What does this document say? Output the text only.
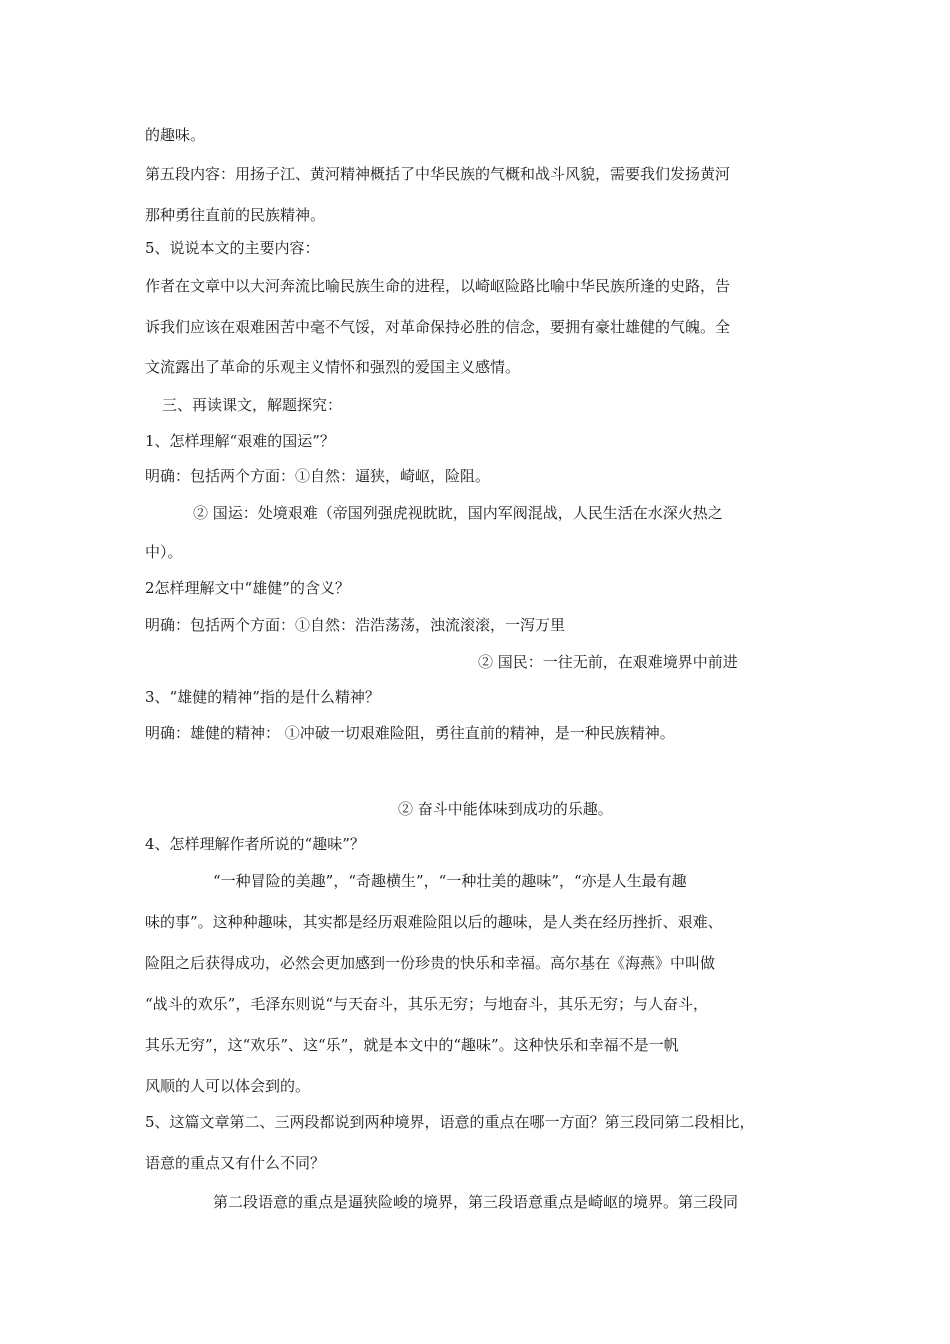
的趣味。

第五段内容：用扬子江、黄河精神概括了中华民族的气概和战斗风貌，需要我们发扬黄河

那种勇往直前的民族精神。

5、说说本文的主要内容：

作者在文章中以大河奔流比喻民族生命的进程，以崎岖险路比喻中华民族所逢的史路，告

诉我们应该在艰难困苦中毫不气馁，对革命保持必胜的信念，要拥有豪壮雄健的气魄。全

文流露出了革命的乐观主义情怀和强烈的爱国主义感情。

三、再读课文，解题探究：

1、怎样理解“艰难的国运”？

明确：包括两个方面：①自然：逼狭，崎岖，险阻。

② 国运：处境艰难（帝国列强虎视眈眈，国内军阀混战，人民生活在水深火热之

中）。

2怎样理解文中“雄健”的含义？

明确：包括两个方面：①自然：浩浩荡荡，浊流滚滚，一泻万里

② 国民：一往无前，在艰难境界中前进

3、“雄健的精神”指的是什么精神？

明确：雄健的精神： ①冲破一切艰难险阻，勇往直前的精神，是一种民族精神。

② 奋斗中能体味到成功的乐趣。

4、怎样理解作者所说的“趣味”？

“一种冒险的美趣”，“奇趣横生”，“一种壮美的趣味”，“亦是人生最有趣

味的事”。这种种趣味，其实都是经历艰难险阻以后的趣味，是人类在经历挫折、艰难、

险阻之后获得成功，必然会更加感到一份珍贵的快乐和幸福。高尔基在《海燕》中叫做

“战斗的欢乐”，毛泽东则说“与天奋斗，其乐无穷；与地奋斗，其乐无穷；与人奋斗，

其乐无穷”，这“欢乐”、这“乐”，就是本文中的“趣味”。这种快乐和幸福不是一帆

风顺的人可以体会到的。

5、这篇文章第二、三两段都说到两种境界，语意的重点在哪一方面？第三段同第二段相比，

语意的重点又有什么不同？

第二段语意的重点是逼狭险峻的境界，第三段语意重点是崎岖的境界。第三段同
